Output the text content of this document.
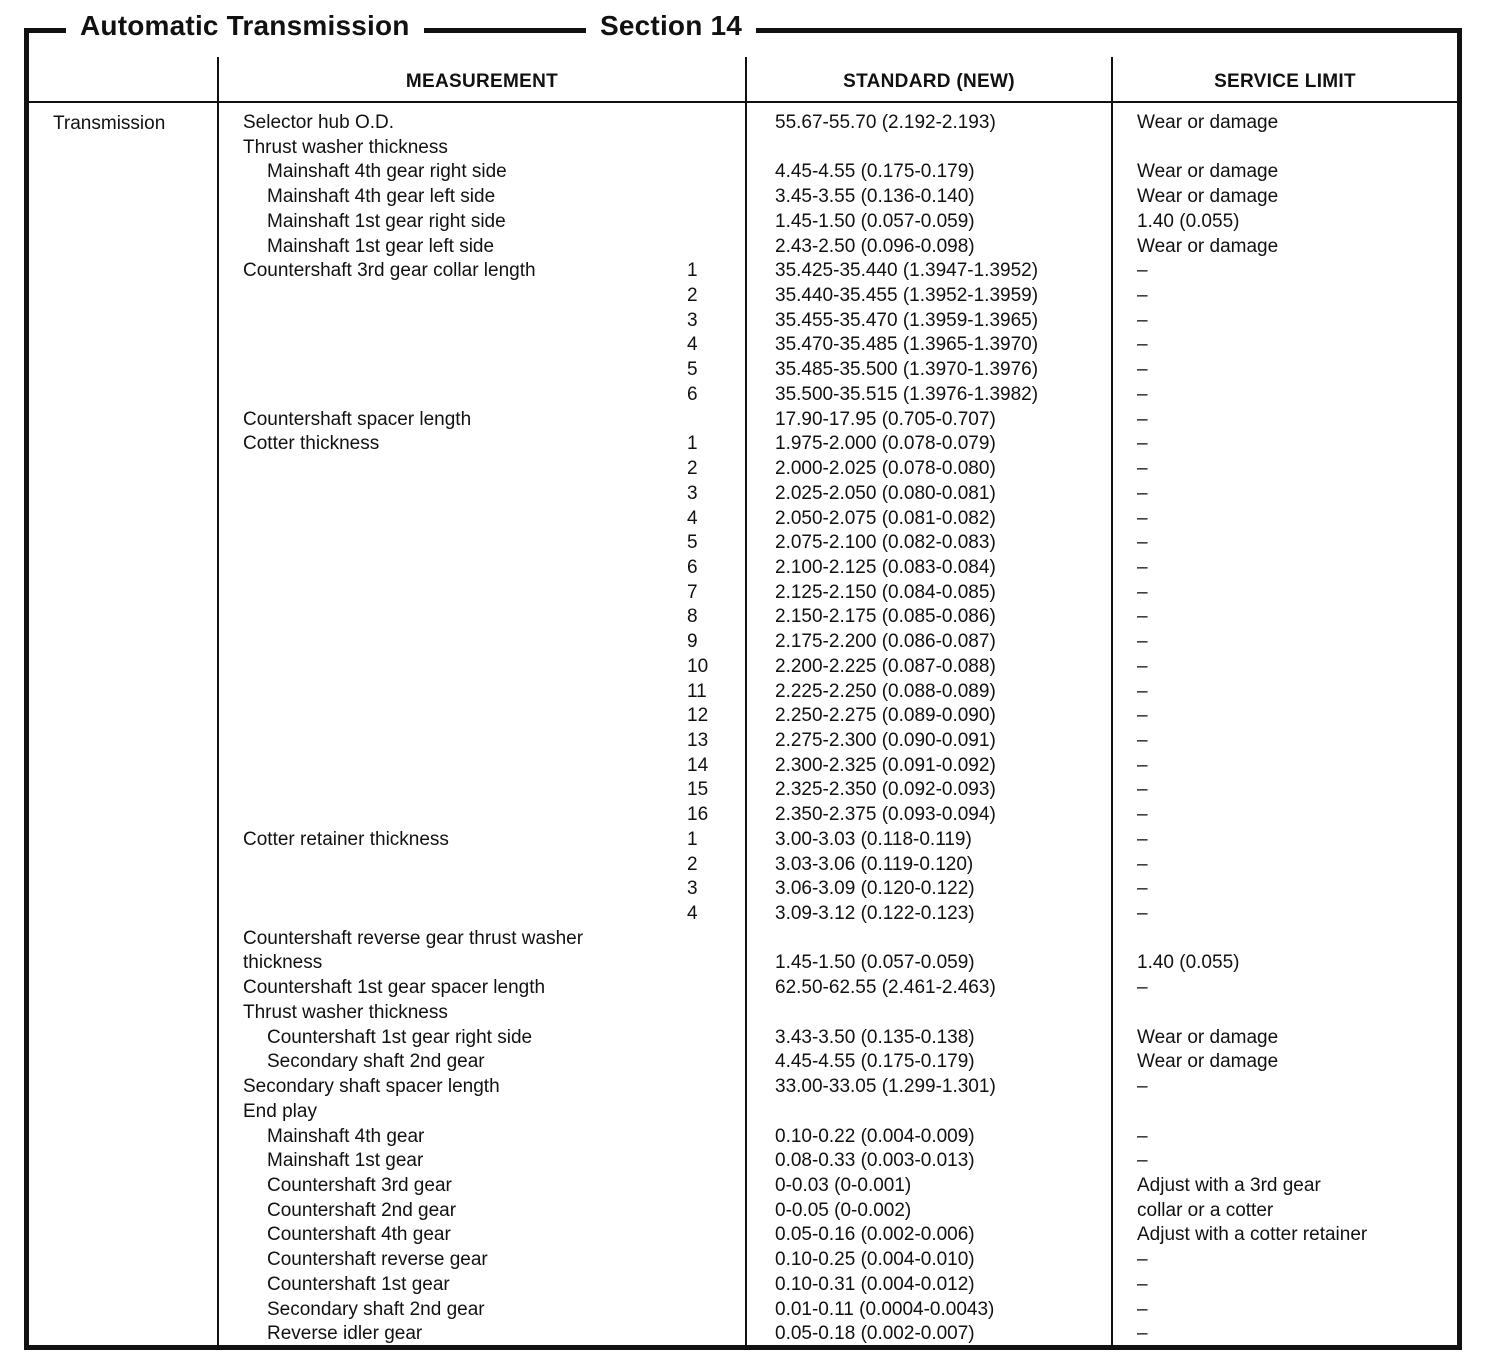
Automatic Transmission	Section 14
MEASUREMENT	STANDARD (NEW)	SERVICE LIMIT
Transmission	Selector hub O.D.	55.67-55.70 (2.192-2.193)	Wear or damage
Thrust washer thickness
Mainshaft 4th gear right side	4.45-4.55 (0.175-0.179)	Wear or damage
Mainshaft 4th gear left side	3.45-3.55 (0.136-0.140)	Wear or damage
Mainshaft 1st gear right side	1.45-1.50 (0.057-0.059)	1.40 (0.055)
Mainshaft 1st gear left side	2.43-2.50 (0.096-0.098)	Wear or damage
Countershaft 3rd gear collar length	1	35.425-35.440 (1.3947-1.3952)	–
2	35.440-35.455 (1.3952-1.3959)	–
3	35.455-35.470 (1.3959-1.3965)	–
4	35.470-35.485 (1.3965-1.3970)	–
5	35.485-35.500 (1.3970-1.3976)	–
6	35.500-35.515 (1.3976-1.3982)	–
Countershaft spacer length	17.90-17.95 (0.705-0.707)	–
Cotter thickness	1	1.975-2.000 (0.078-0.079)	–
2	2.000-2.025 (0.078-0.080)	–
3	2.025-2.050 (0.080-0.081)	–
4	2.050-2.075 (0.081-0.082)	–
5	2.075-2.100 (0.082-0.083)	–
6	2.100-2.125 (0.083-0.084)	–
7	2.125-2.150 (0.084-0.085)	–
8	2.150-2.175 (0.085-0.086)	–
9	2.175-2.200 (0.086-0.087)	–
10	2.200-2.225 (0.087-0.088)	–
11	2.225-2.250 (0.088-0.089)	–
12	2.250-2.275 (0.089-0.090)	–
13	2.275-2.300 (0.090-0.091)	–
14	2.300-2.325 (0.091-0.092)	–
15	2.325-2.350 (0.092-0.093)	–
16	2.350-2.375 (0.093-0.094)	–
Cotter retainer thickness	1	3.00-3.03 (0.118-0.119)	–
2	3.03-3.06 (0.119-0.120)	–
3	3.06-3.09 (0.120-0.122)	–
4	3.09-3.12 (0.122-0.123)	–
Countershaft reverse gear thrust washer
thickness	1.45-1.50 (0.057-0.059)	1.40 (0.055)
Countershaft 1st gear spacer length	62.50-62.55 (2.461-2.463)	–
Thrust washer thickness
Countershaft 1st gear right side	3.43-3.50 (0.135-0.138)	Wear or damage
Secondary shaft 2nd gear	4.45-4.55 (0.175-0.179)	Wear or damage
Secondary shaft spacer length	33.00-33.05 (1.299-1.301)	–
End play
Mainshaft 4th gear	0.10-0.22 (0.004-0.009)	–
Mainshaft 1st gear	0.08-0.33 (0.003-0.013)	–
Countershaft 3rd gear	0-0.03 (0-0.001)	Adjust with a 3rd gear
Countershaft 2nd gear	0-0.05 (0-0.002)	collar or a cotter
Countershaft 4th gear	0.05-0.16 (0.002-0.006)	Adjust with a cotter retainer
Countershaft reverse gear	0.10-0.25 (0.004-0.010)	–
Countershaft 1st gear	0.10-0.31 (0.004-0.012)	–
Secondary shaft 2nd gear	0.01-0.11 (0.0004-0.0043)	–
Reverse idler gear	0.05-0.18 (0.002-0.007)	–
